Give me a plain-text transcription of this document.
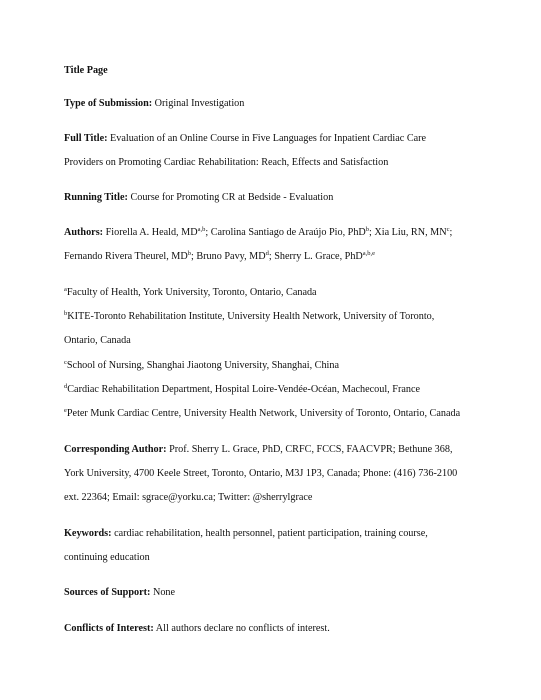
Title Page
Type of Submission: Original Investigation
Full Title: Evaluation of an Online Course in Five Languages for Inpatient Cardiac Care
Providers on Promoting Cardiac Rehabilitation: Reach, Effects and Satisfaction
Running Title: Course for Promoting CR at Bedside - Evaluation
Authors: Fiorella A. Heald, MD$^{a,b}$; Carolina Santiago de Araújo Pio, PhD$^b$; Xia Liu, RN, $MN^c$;
Fernando Rivera Theurel, $MD^b$; Bruno Pavy, $MD^d$; Sherry L. Grace, PhD$^{a,b,e}$
$^a$Faculty of Health, York University, Toronto, Ontario, Canada
$^b$KITE-Toronto Rehabilitation Institute, University Health Network, University of Toronto,
Ontario, Canada
$^c$School of Nursing, Shanghai Jiaotong University, Shanghai, China
$^d$Cardiac Rehabilitation Department, Hospital Loire-Vendée-Océan, Machecoul, France
$^e$Peter Munk Cardiac Centre, University Health Network, University of Toronto, Ontario, Canada
Corresponding Author: Prof. Sherry L. Grace, PhD, CRFC, FCCS, FAACVPR; Bethune 368,
York University, 4700 Keele Street, Toronto, Ontario, M3J 1P3, Canada; Phone: (416) 736-2100
ext. 22364; Email: sgrace@yorku.ca; Twitter: @sherrylgrace
Keywords: cardiac rehabilitation, health personnel, patient participation, training course,
continuing education
Sources of Support: None
Conflicts of Interest: All authors declare no conflicts of interest.
